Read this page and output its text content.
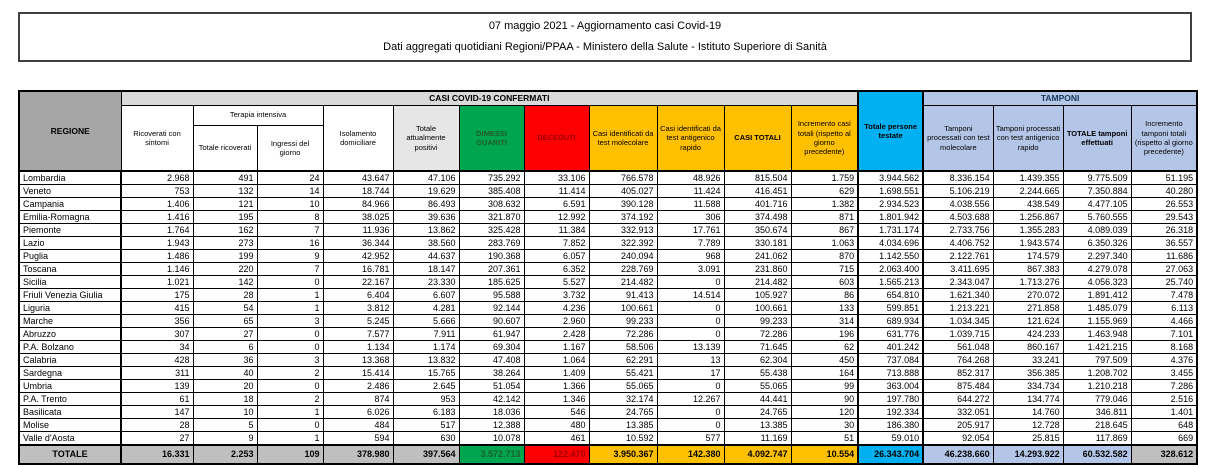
07 maggio 2021 - Aggiornamento casi Covid-19
Dati aggregati quotidiani Regioni/PPAA - Ministero della Salute - Istituto Superiore di Sanità
REGIONE	CASI COVID-19 CONFERMATI											Totale persone testate	TAMPONI			
	Ricoverati con sintomi	Terapia intensiva		Isolamento domiciliare	Totale attualmente positivi	DIMESSI GUARITI	DECEDUTI	Casi identificati da test molecolare	Casi identificati da test antigenico rapido	CASI TOTALI	Incremento casi totali (rispetto al giorno precedente)		Tamponi processati con test molecolare	Tamponi processati con test antigenico rapido	TOTALE tamponi effettuati	Incremento tamponi totali (rispetto al giorno precedente)
		Totale ricoverati	Ingressi del giorno													
Lombardia	2.968	491	24	43.647	47.106	735.292	33.106	766.578	48.926	815.504	1.759	3.944.562	8.336.154	1.439.355	9.775.509	51.195
Veneto	753	132	14	18.744	19.629	385.408	11.414	405.027	11.424	416.451	629	1.698.551	5.106.219	2.244.665	7.350.884	40.280
Campania	1.406	121	10	84.966	86.493	308.632	6.591	390.128	11.588	401.716	1.382	2.934.523	4.038.556	438.549	4.477.105	26.553
Emilia-Romagna	1.416	195	8	38.025	39.636	321.870	12.992	374.192	306	374.498	871	1.801.942	4.503.688	1.256.867	5.760.555	29.543
Piemonte	1.764	162	7	11.936	13.862	325.428	11.384	332.913	17.761	350.674	867	1.731.174	2.733.756	1.355.283	4.089.039	26.318
Lazio	1.943	273	16	36.344	38.560	283.769	7.852	322.392	7.789	330.181	1.063	4.034.696	4.406.752	1.943.574	6.350.326	36.557
Puglia	1.486	199	9	42.952	44.637	190.368	6.057	240.094	968	241.062	870	1.142.550	2.122.761	174.579	2.297.340	11.686
Toscana	1.146	220	7	16.781	18.147	207.361	6.352	228.769	3.091	231.860	715	2.063.400	3.411.695	867.383	4.279.078	27.063
Sicilia	1.021	142	0	22.167	23.330	185.625	5.527	214.482	0	214.482	603	1.565.213	2.343.047	1.713.276	4.056.323	25.740
Friuli Venezia Giulia	175	28	1	6.404	6.607	95.588	3.732	91.413	14.514	105.927	86	654.810	1.621.340	270.072	1.891.412	7.478
Liguria	415	54	1	3.812	4.281	92.144	4.236	100.661	0	100.661	133	599.851	1.213.221	271.858	1.485.079	6.113
Marche	356	65	3	5.245	5.666	90.607	2.960	99.233	0	99.233	314	689.934	1.034.345	121.624	1.155.969	4.466
Abruzzo	307	27	0	7.577	7.911	61.947	2.428	72.286	0	72.286	196	631.776	1.039.715	424.233	1.463.948	7.101
P.A. Bolzano	34	6	0	1.134	1.174	69.304	1.167	58.506	13.139	71.645	62	401.242	561.048	860.167	1.421.215	8.168
Calabria	428	36	3	13.368	13.832	47.408	1.064	62.291	13	62.304	450	737.084	764.268	33.241	797.509	4.376
Sardegna	311	40	2	15.414	15.765	38.264	1.409	55.421	17	55.438	164	713.888	852.317	356.385	1.208.702	3.455
Umbria	139	20	0	2.486	2.645	51.054	1.366	55.065	0	55.065	99	363.004	875.484	334.734	1.210.218	7.286
P.A. Trento	61	18	2	874	953	42.142	1.346	32.174	12.267	44.441	90	197.780	644.272	134.774	779.046	2.516
Basilicata	147	10	1	6.026	6.183	18.036	546	24.765	0	24.765	120	192.334	332.051	14.760	346.811	1.401
Molise	28	5	0	484	517	12.388	480	13.385	0	13.385	30	186.380	205.917	12.728	218.645	648
Valle d'Aosta	27	9	1	594	630	10.078	461	10.592	577	11.169	51	59.010	92.054	25.815	117.869	669
TOTALE	16.331	2.253	109	378.980	397.564	3.572.713	122.470	3.950.367	142.380	4.092.747	10.554	26.343.704	46.238.660	14.293.922	60.532.582	328.612
